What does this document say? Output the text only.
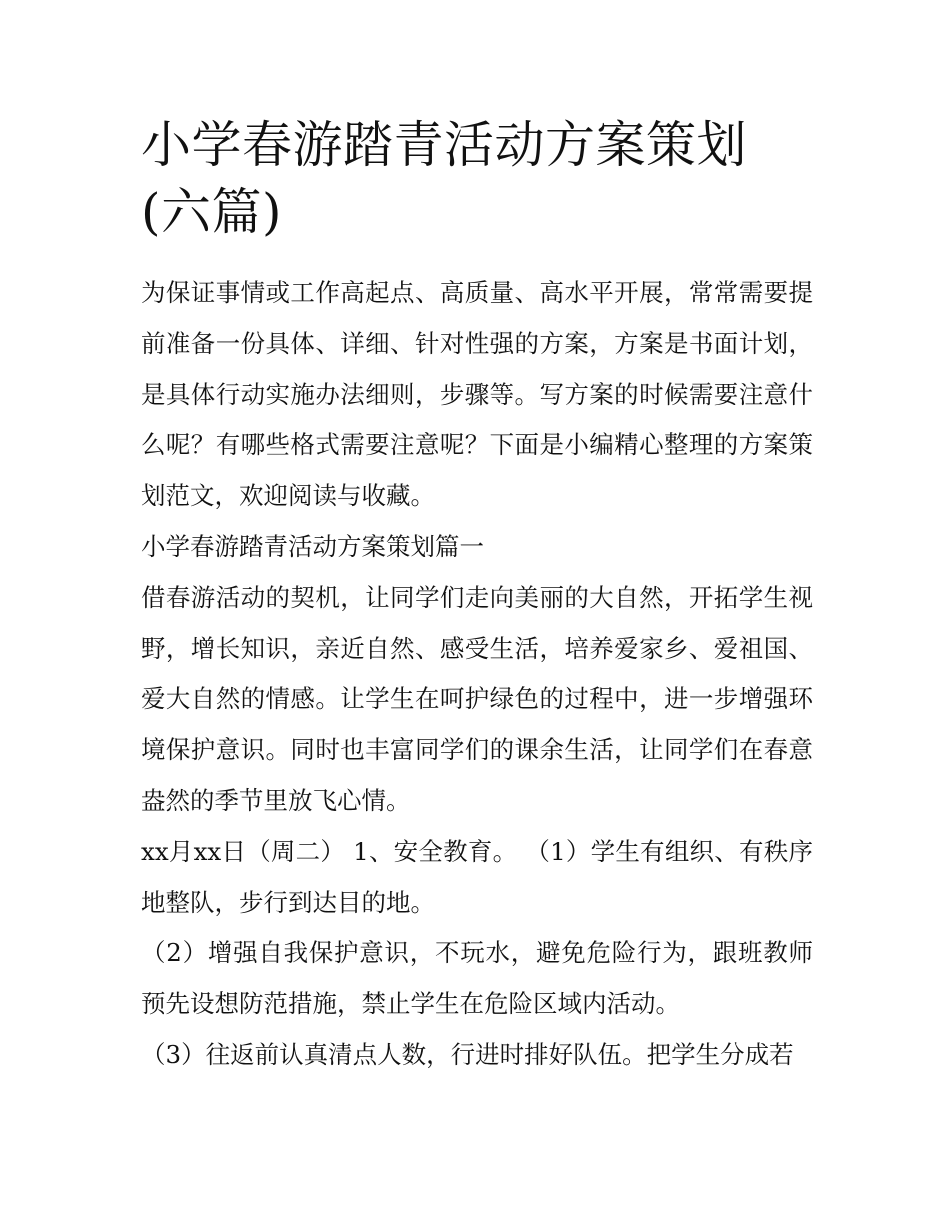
小学春游踏青活动方案策划(六篇)

为保证事情或工作高起点、高质量、高水平开展，常常需要提前准备一份具体、详细、针对性强的方案，方案是书面计划，是具体行动实施办法细则，步骤等。写方案的时候需要注意什么呢？有哪些格式需要注意呢？下面是小编精心整理的方案策划范文，欢迎阅读与收藏。

小学春游踏青活动方案策划篇一

借春游活动的契机，让同学们走向美丽的大自然，开拓学生视野，增长知识，亲近自然、感受生活，培养爱家乡、爱祖国、爱大自然的情感。让学生在呵护绿色的过程中，进一步增强环境保护意识。同时也丰富同学们的课余生活，让同学们在春意盎然的季节里放飞心情。

xx月xx日（周二） 1、安全教育。 （1）学生有组织、有秩序地整队，步行到达目的地。

（2）增强自我保护意识，不玩水，避免危险行为，跟班教师预先设想防范措施，禁止学生在危险区域内活动。

（3）往返前认真清点人数，行进时排好队伍。把学生分成若
